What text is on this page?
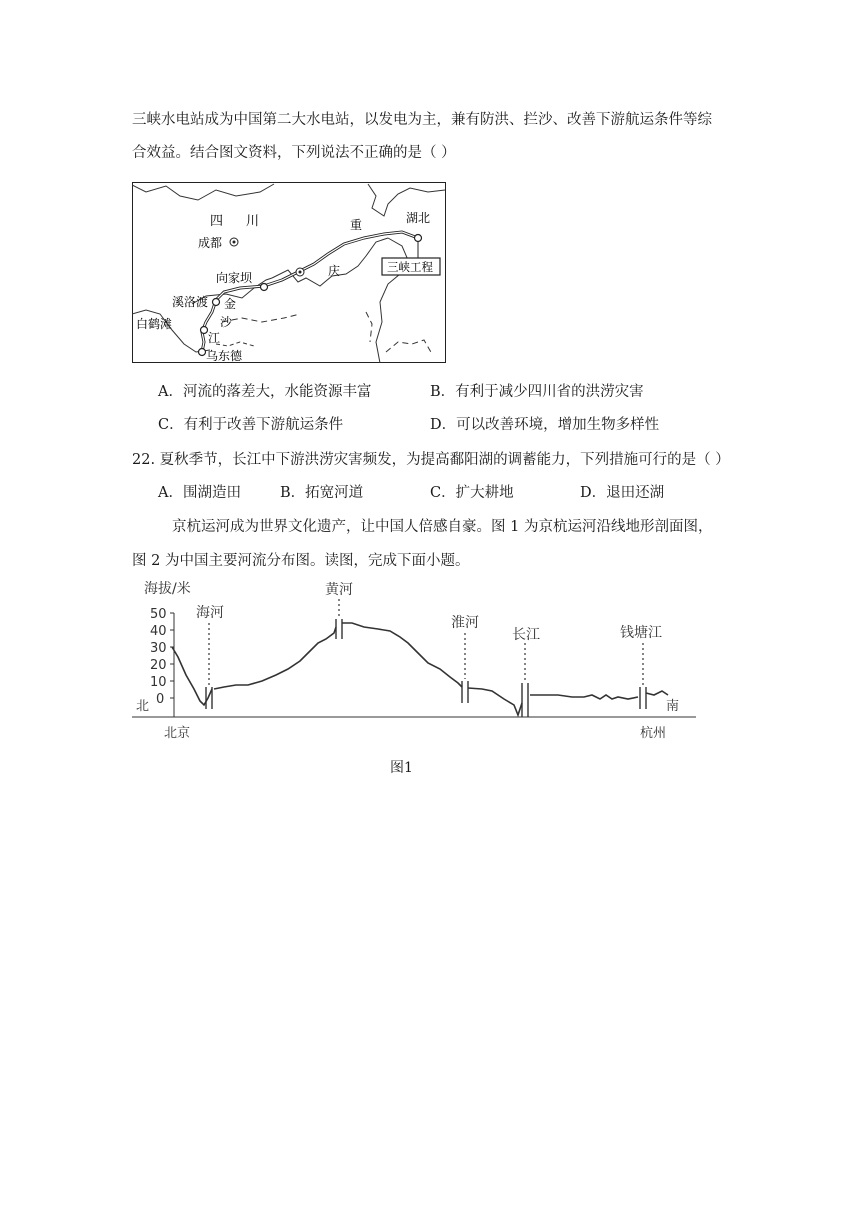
三峡水电站成为中国第二大水电站，以发电为主，兼有防洪、拦沙、改善下游航运条件等综
合效益。结合图文资料，下列说法不正确的是（ ）
四 川
成都
重
庆
湖北
三峡工程
向家坝
溪洛渡 金
沙
江
白鹤滩
乌东德
A．河流的落差大，水能资源丰富	B．有利于减少四川省的洪涝灾害
C．有利于改善下游航运条件	D．可以改善环境，增加生物多样性
22. 夏秋季节，长江中下游洪涝灾害频发，为提高鄱阳湖的调蓄能力，下列措施可行的是（ ）
A．围湖造田	B．拓宽河道	C．扩大耕地	D．退田还湖
京杭运河成为世界文化遗产，让中国人倍感自豪。图 1 为京杭运河沿线地形剖面图，
图 2 为中国主要河流分布图。读图，完成下面小题。
海拔/米
50
40
30
20
10
0
北	南
北京	杭州
海河
黄河
淮河
长江	钱塘江
图1
